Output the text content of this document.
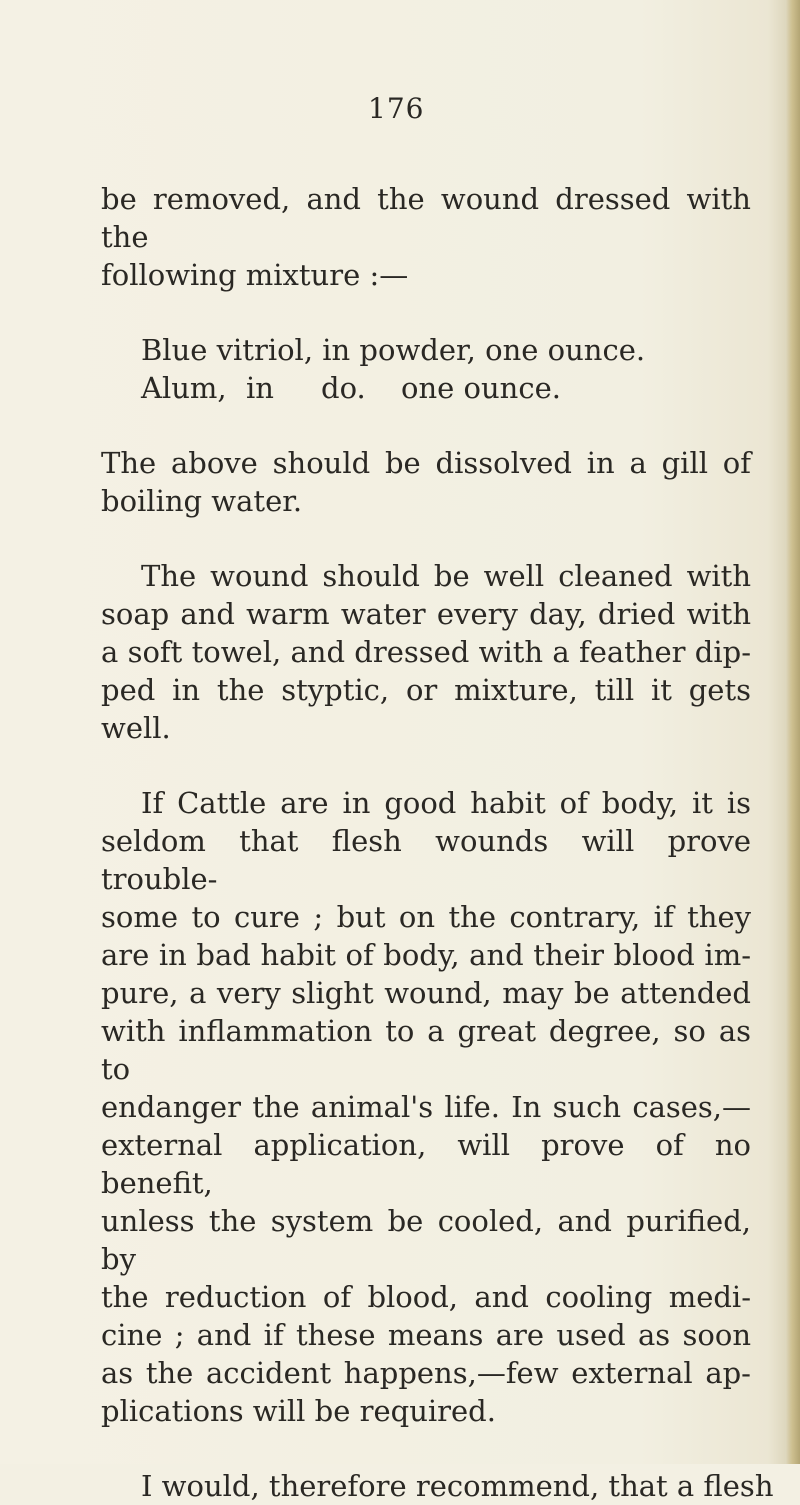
176
be removed, and the wound dressed with the
following mixture :—
Blue vitriol, in powder, one ounce.
Alum, in	do.	one ounce.
The above should be dissolved in a gill of
boiling water.
The wound should be well cleaned with
soap and warm water every day, dried with
a soft towel, and dressed with a feather dip-
ped in the styptic, or mixture, till it gets
well.
If Cattle are in good habit of body, it is
seldom that flesh wounds will prove trouble-
some to cure ; but on the contrary, if they
are in bad habit of body, and their blood im-
pure, a very slight wound, may be attended
with inflammation to a great degree, so as to
endanger the animal's life. In such cases,—
external application, will prove of no benefit,
unless the system be cooled, and purified, by
the reduction of blood, and cooling medi-
cine ; and if these means are used as soon
as the accident happens,—few external ap-
plications will be required.
I would, therefore recommend, that a flesh
